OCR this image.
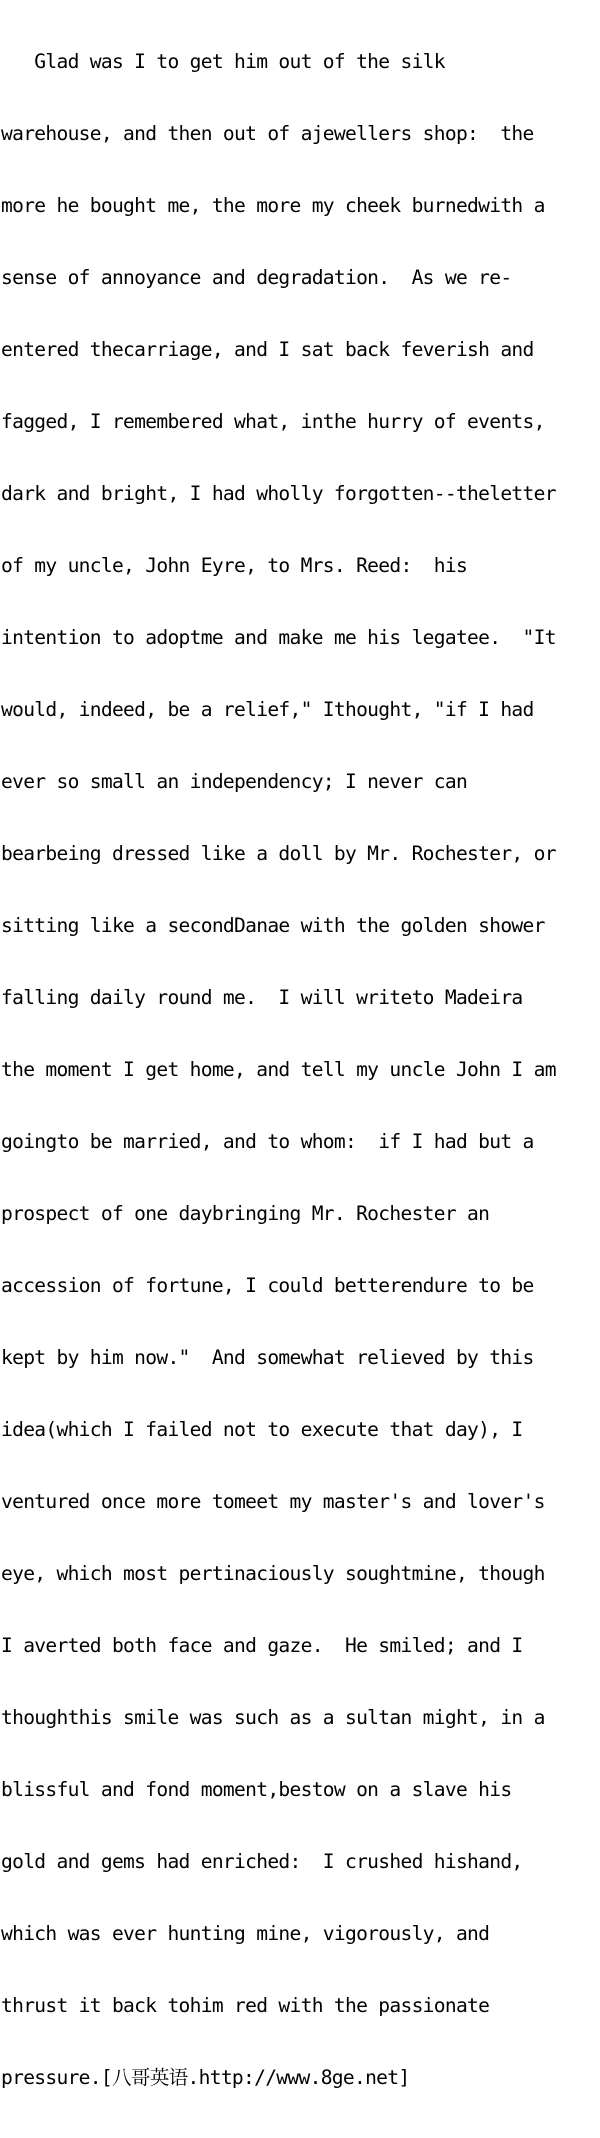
Glad was I to get him out of the silk

warehouse, and then out of ajewellers shop:  the

more he bought me, the more my cheek burnedwith a

sense of annoyance and degradation.  As we re-

entered thecarriage, and I sat back feverish and

fagged, I remembered what, inthe hurry of events,

dark and bright, I had wholly forgotten--theletter

of my uncle, John Eyre, to Mrs. Reed:  his

intention to adoptme and make me his legatee.  "It

would, indeed, be a relief," Ithought, "if I had

ever so small an independency; I never can

bearbeing dressed like a doll by Mr. Rochester, or

sitting like a secondDanae with the golden shower

falling daily round me.  I will writeto Madeira

the moment I get home, and tell my uncle John I am

goingto be married, and to whom:  if I had but a

prospect of one daybringing Mr. Rochester an

accession of fortune, I could betterendure to be

kept by him now."  And somewhat relieved by this

idea(which I failed not to execute that day), I

ventured once more tomeet my master's and lover's

eye, which most pertinaciously soughtmine, though

I averted both face and gaze.  He smiled; and I

thoughthis smile was such as a sultan might, in a

blissful and fond moment,bestow on a slave his

gold and gems had enriched:  I crushed hishand,

which was ever hunting mine, vigorously, and

thrust it back tohim red with the passionate

pressure.[八哥英语.http://www.8ge.net]
